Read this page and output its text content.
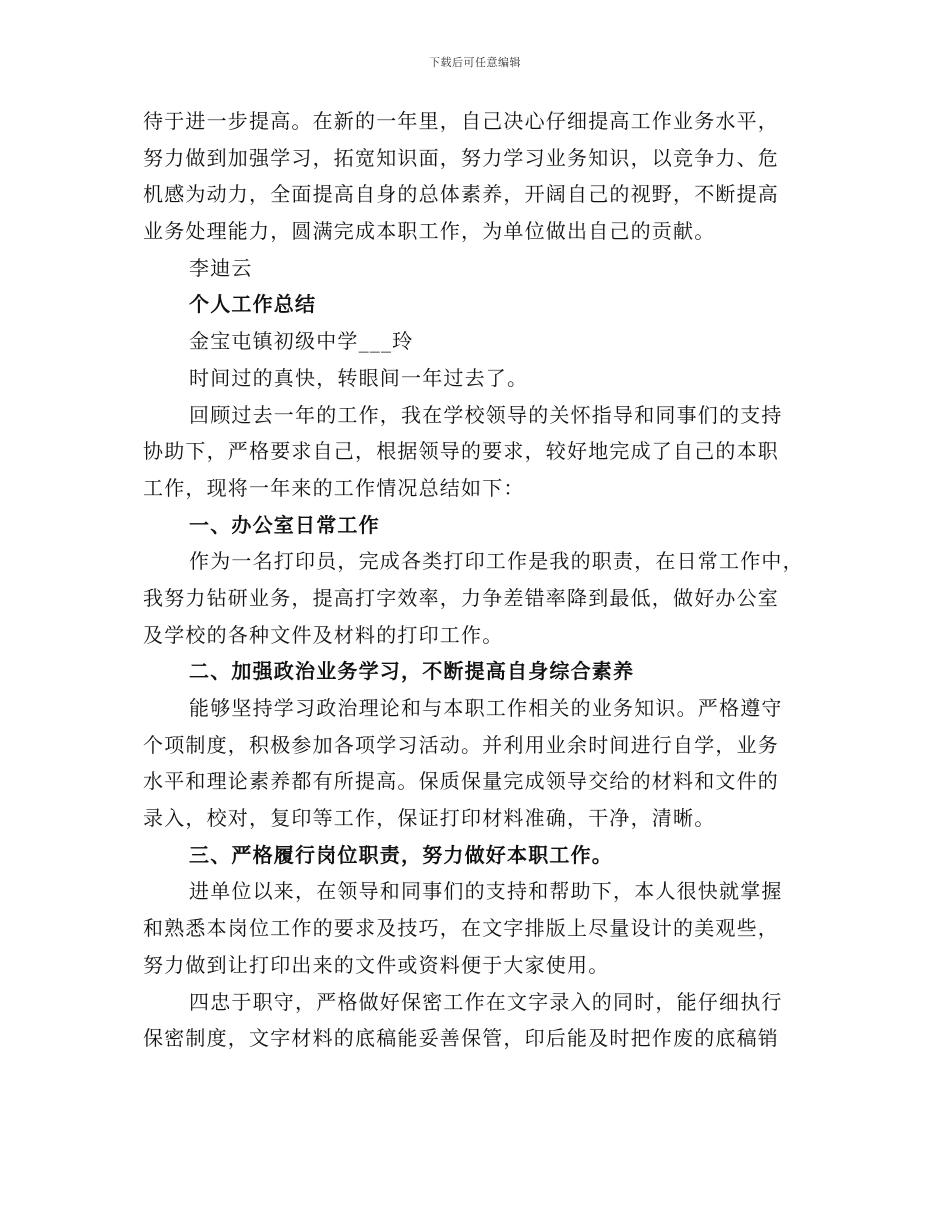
下载后可任意编辑
待于进一步提高。在新的一年里，自己决心仔细提高工作业务水平，
努力做到加强学习，拓宽知识面，努力学习业务知识，以竞争力、危
机感为动力，全面提高自身的总体素养，开阔自己的视野，不断提高
业务处理能力，圆满完成本职工作，为单位做出自己的贡献。
李迪云
个人工作总结
金宝屯镇初级中学___玲
时间过的真快，转眼间一年过去了。
回顾过去一年的工作，我在学校领导的关怀指导和同事们的支持
协助下，严格要求自己，根据领导的要求，较好地完成了自己的本职
工作，现将一年来的工作情况总结如下：
一、办公室日常工作
作为一名打印员，完成各类打印工作是我的职责，在日常工作中，
我努力钻研业务，提高打字效率，力争差错率降到最低，做好办公室
及学校的各种文件及材料的打印工作。
二、加强政治业务学习，不断提高自身综合素养
能够坚持学习政治理论和与本职工作相关的业务知识。严格遵守
个项制度，积极参加各项学习活动。并利用业余时间进行自学，业务
水平和理论素养都有所提高。保质保量完成领导交给的材料和文件的
录入，校对，复印等工作，保证打印材料准确，干净，清晰。
三、严格履行岗位职责，努力做好本职工作。
进单位以来，在领导和同事们的支持和帮助下，本人很快就掌握
和熟悉本岗位工作的要求及技巧，在文字排版上尽量设计的美观些，
努力做到让打印出来的文件或资料便于大家使用。
四忠于职守，严格做好保密工作在文字录入的同时，能仔细执行
保密制度，文字材料的底稿能妥善保管，印后能及时把作废的底稿销
